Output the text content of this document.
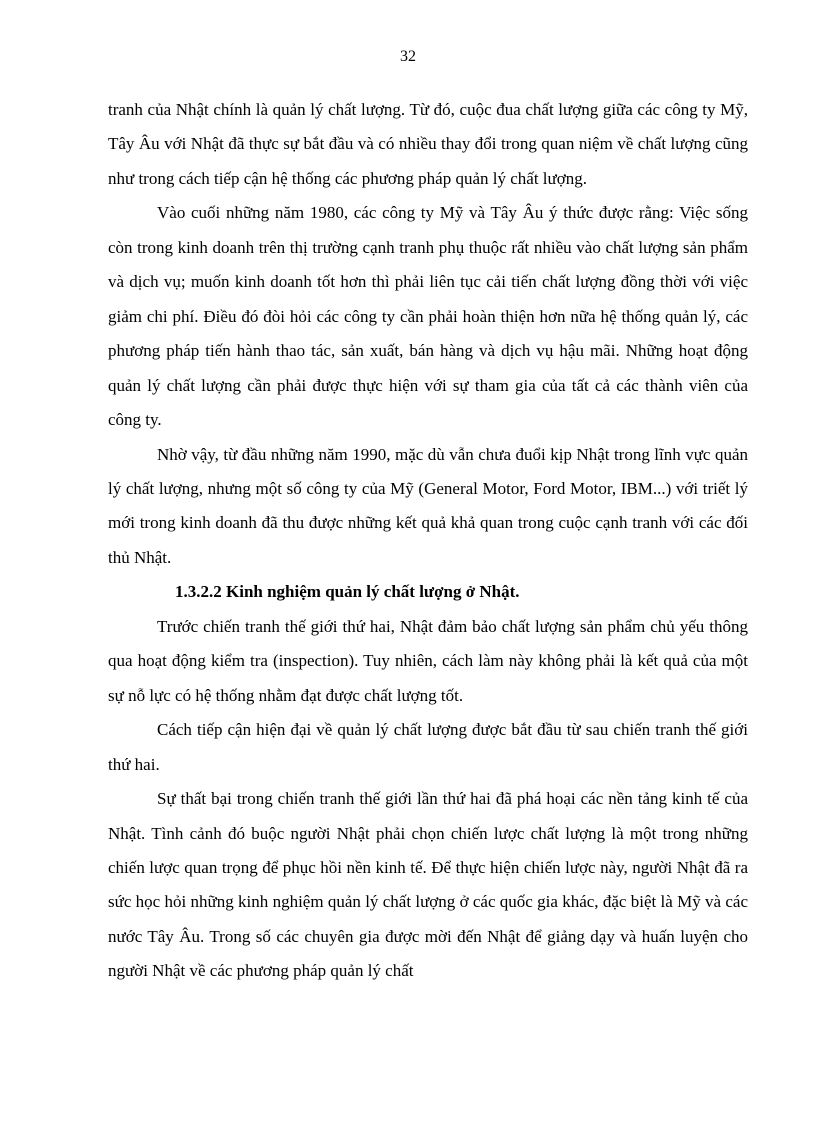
32

tranh của Nhật chính là quản lý chất lượng. Từ đó, cuộc đua chất lượng giữa các công ty Mỹ, Tây Âu với Nhật đã thực sự bắt đầu và có nhiều thay đổi trong quan niệm về chất lượng cũng như trong cách tiếp cận hệ thống các phương pháp quản lý chất lượng.

Vào cuối những năm 1980, các công ty Mỹ và Tây Âu ý thức được rằng: Việc sống còn trong kinh doanh trên thị trường cạnh tranh phụ thuộc rất nhiều vào chất lượng sản phẩm và dịch vụ; muốn kinh doanh tốt hơn thì phải liên tục cải tiến chất lượng đồng thời với việc giảm chi phí. Điều đó đòi hỏi các công ty cần phải hoàn thiện hơn nữa hệ thống quản lý, các phương pháp tiến hành thao tác, sản xuất, bán hàng và dịch vụ hậu mãi. Những hoạt động quản lý chất lượng cần phải được thực hiện với sự tham gia của tất cả các thành viên của công ty.

Nhờ vậy, từ đầu những năm 1990, mặc dù vẫn chưa đuổi kịp Nhật trong lĩnh vực quản lý chất lượng, nhưng một số công ty của Mỹ (General Motor, Ford Motor, IBM...) với triết lý mới trong kinh doanh đã thu được những kết quả khả quan trong cuộc cạnh tranh với các đối thủ Nhật.

1.3.2.2 Kinh nghiệm quản lý chất lượng ở Nhật.

Trước chiến tranh thế giới thứ hai, Nhật đảm bảo chất lượng sản phẩm chủ yếu thông qua hoạt động kiểm tra (inspection). Tuy nhiên, cách làm này không phải là kết quả của một sự nỗ lực có hệ thống nhằm đạt được chất lượng tốt.

Cách tiếp cận hiện đại về quản lý chất lượng được bắt đầu từ sau chiến tranh thế giới thứ hai.

Sự thất bại trong chiến tranh thế giới lần thứ hai đã phá hoại các nền tảng kinh tế của Nhật. Tình cảnh đó buộc người Nhật phải chọn chiến lược chất lượng là một trong những chiến lược quan trọng để phục hồi nền kinh tế. Để thực hiện chiến lược này, người Nhật đã ra sức học hỏi những kinh nghiệm quản lý chất lượng ở các quốc gia khác, đặc biệt là Mỹ và các nước Tây Âu. Trong số các chuyên gia được mời đến Nhật để giảng dạy và huấn luyện cho người Nhật về các phương pháp quản lý chất
